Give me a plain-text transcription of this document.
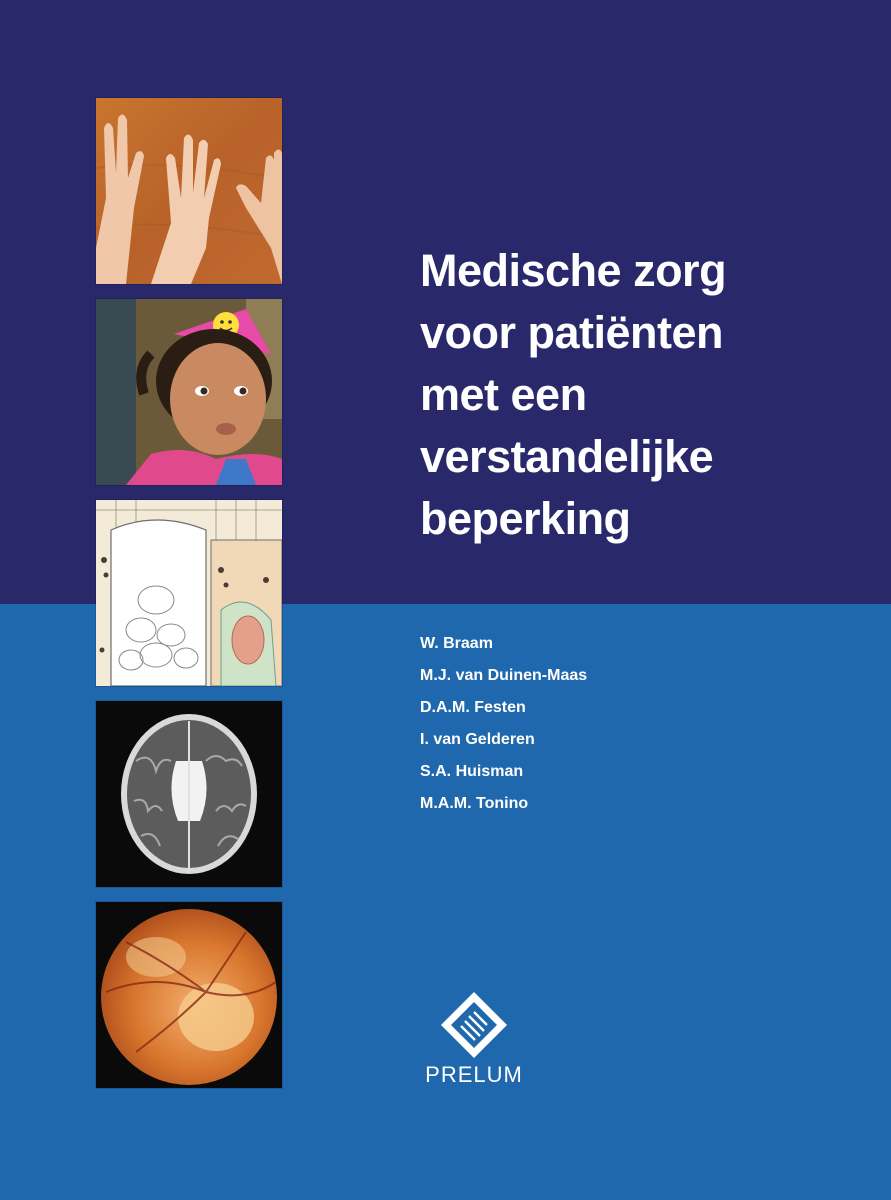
Medische zorg
voor patiënten
met een
verstandelijke
beperking
W. Braam
M.J. van Duinen-Maas
D.A.M. Festen
I. van Gelderen
S.A. Huisman
M.A.M. Tonino
PRELUM
